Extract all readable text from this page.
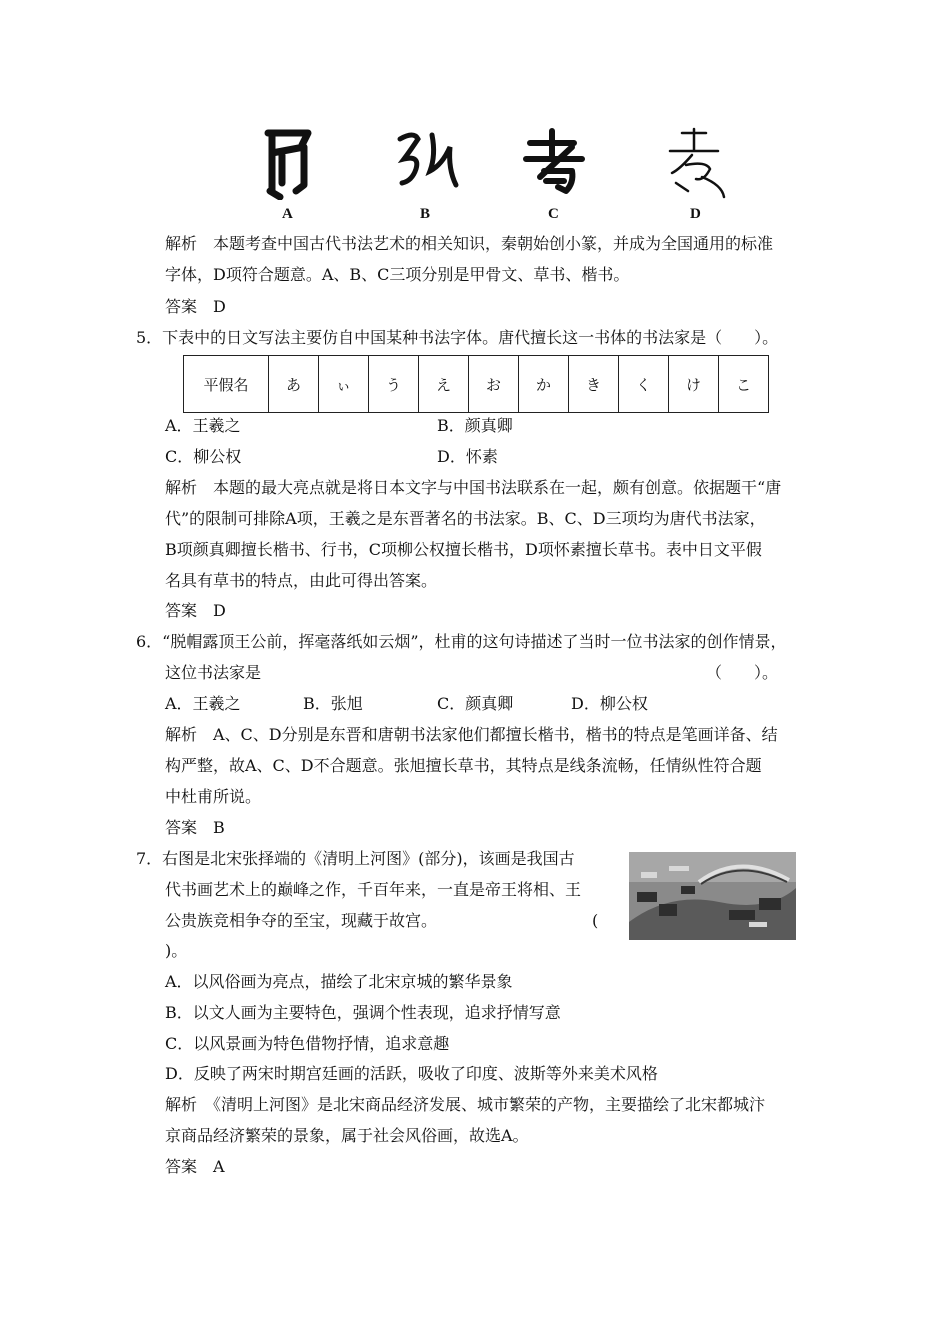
A	B	C	D
解析　本题考查中国古代书法艺术的相关知识，秦朝始创小篆，并成为全国通用的标准
字体，D项符合题意。A、B、C三项分别是甲骨文、草书、楷书。
答案　D
5．下表中的日文写法主要仿自中国某种书法字体。唐代擅长这一书体的书法家是（　　）。
平假名	あ	ぃ	う	え	お	か	き	く	け	こ
A．王羲之	B．颜真卿
C．柳公权	D．怀素
解析　本题的最大亮点就是将日本文字与中国书法联系在一起，颇有创意。依据题干“唐
代”的限制可排除A项，王羲之是东晋著名的书法家。B、C、D三项均为唐代书法家，
B项颜真卿擅长楷书、行书，C项柳公权擅长楷书，D项怀素擅长草书。表中日文平假
名具有草书的特点，由此可得出答案。
答案　D
6．“脱帽露顶王公前，挥毫落纸如云烟”，杜甫的这句诗描述了当时一位书法家的创作情景，
这位书法家是	（　　）。
A．王羲之	B．张旭	C．颜真卿	D．柳公权
解析　A、C、D分别是东晋和唐朝书法家他们都擅长楷书，楷书的特点是笔画详备、结
构严整，故A、C、D不合题意。张旭擅长草书，其特点是线条流畅，任情纵性符合题
中杜甫所说。
答案　B
7．右图是北宋张择端的《清明上河图》(部分)，该画是我国古
代书画艺术上的巅峰之作，千百年来，一直是帝王将相、王
公贵族竞相争夺的至宝，现藏于故宫。	(
)。
A．以风俗画为亮点，描绘了北宋京城的繁华景象
B．以文人画为主要特色，强调个性表现，追求抒情写意
C．以风景画为特色借物抒情，追求意趣
D．反映了两宋时期宫廷画的活跃，吸收了印度、波斯等外来美术风格
解析　《清明上河图》是北宋商品经济发展、城市繁荣的产物，主要描绘了北宋都城汴
京商品经济繁荣的景象，属于社会风俗画，故选A。
答案　A
